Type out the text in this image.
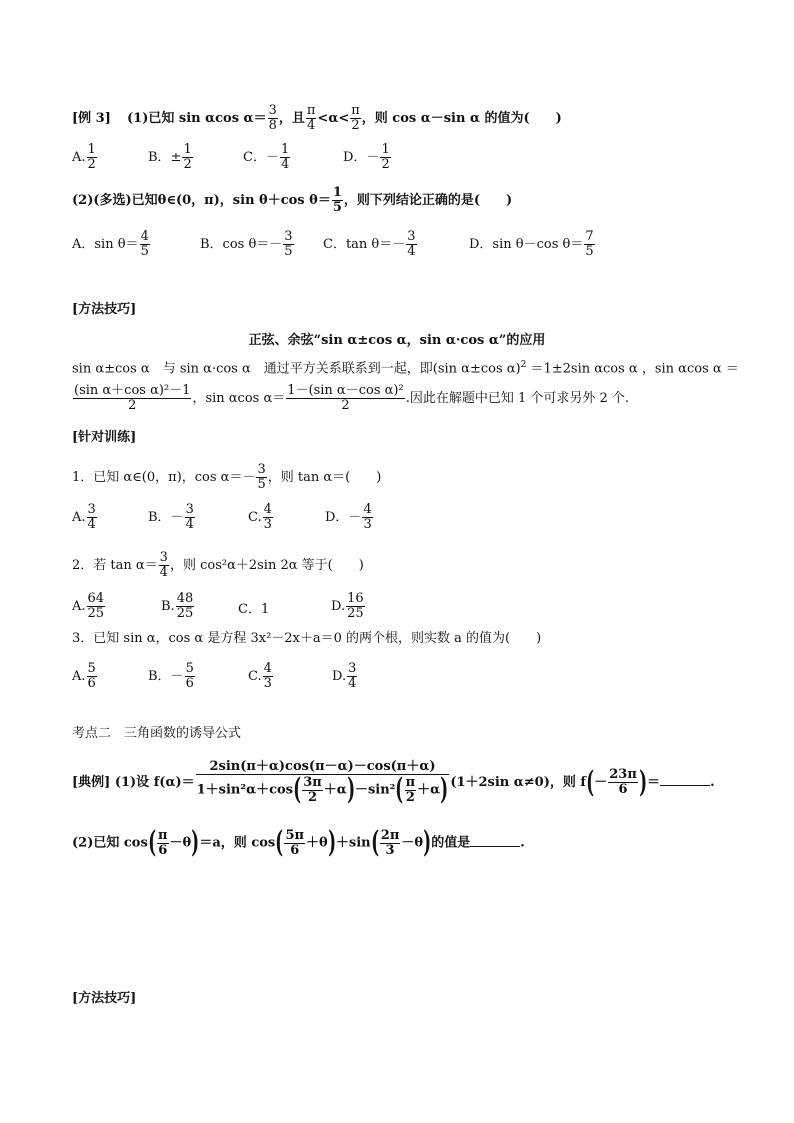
[例 3] (1)已知 sin αcos $\alpha= \frac{3}{8}$ ，且 $\frac{\pi}{4} <\alpha< \frac{\pi}{2}$ ，则 cos α－sin α 的值为(　　)
A. $\frac{1}{2}$	B．± $\frac{1}{2}$	C．－ $\frac{1}{4}$	D．－ $\frac{1}{2}$
(2)(多选)已知θ∈(0，π)，sin θ＋cos $\theta= \frac{1}{5}$ ，则下列结论正确的是(　　)
A．$\sin \theta= \frac{4}{5}$	B．$\cos \theta=- \frac{3}{5}$ C．$\tan \theta=- \frac{3}{4}$	D．sin θ－cos $\theta= \frac{7}{5}$
[方法技巧]
正弦、余弦“sin α±cos α，sin α·cos α”的应用
sin α±cos α　与 sin α·cos α　通过平方关系联系到一起，即(sin α±cos α)$^2$ ＝1±2sin αcos α ，sin αcos α ＝
$\frac{\text{(sin α＋cos α)²－1}}{2}$ ，sin αcos $\alpha= \frac{\text{1－(sin α－cos α)²}}{2}$ .因此在解题中已知 1 个可求另外 2 个.
[针对训练]
1．已知 α∈(0，π)，$\cos \alpha=- \frac{3}{5}$ ，则 tan α＝(　　)
A. $\frac{3}{4}$	B．－ $\frac{3}{4}$	C. $\frac{4}{3}$	D．－ $\frac{4}{3}$
2．若 $\tan \alpha= \frac{3}{4}$ ，则 cos²α＋2sin 2α 等于(　　)
A. $\frac{64}{25}$	B. $\frac{48}{25}$	C．1	D. $\frac{16}{25}$
3．已知 sin α，cos α 是方程 3x²－2x＋a＝0 的两个根，则实数 a 的值为(　　)
A. $\frac{5}{6}$	B．－ $\frac{5}{6}$	C. $\frac{4}{3}$	D. $\frac{3}{4}$
考点二　三角函数的诱导公式
[典例] (1)设 $f(\alpha)= \frac{2\sin(\pi+\alpha)\cos(\pi-\alpha)-\cos(\pi+\alpha)}{1+\sin^2\alpha+\cos( \frac{3\pi}{2} +\alpha)-\sin^2( \frac{\pi}{2} +\alpha)} (1+2\sin$ α≠0)，则 $f(- \frac{23\pi}{6}$ )＝	.
(2)已知 $\cos( \frac{\pi}{6} -\theta)=a$，则 $\cos( \frac{5\pi}{6} +\theta)+\sin( \frac{2\pi}{3} -\theta)$的值是	.
[方法技巧]
